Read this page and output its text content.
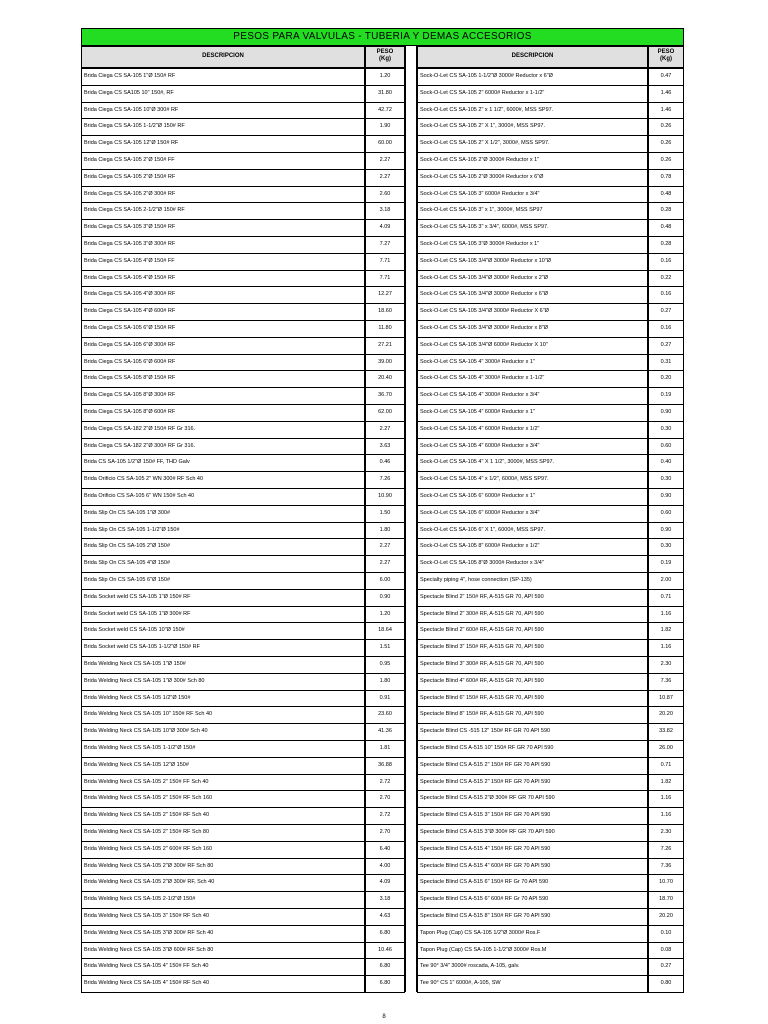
PESOS PARA VALVULAS - TUBERIA Y DEMAS ACCESORIOS
DESCRIPCION
PESO
(Kg)	DESCRIPCION
PESO
(Kg)
Brida Ciega CS SA-105 1"Ø 150# RF	1.20
Brida Ciega CS SA105 10" 150#, RF	31.80
Brida Ciega CS SA-105 10"Ø 300# RF	42.72
Brida Ciega CS SA-105 1-1/2"Ø 150# RF	1.90
Brida Ciega CS SA-105 12"Ø 150# RF	60.00
Brida Ciega CS SA-105 2"Ø 150# FF	2.27
Brida Ciega CS SA-105 2"Ø 150# RF	2.27
Brida Ciega CS SA-105 2"Ø 300# RF	2.60
Brida Ciega CS SA-105 2-1/2"Ø 150# RF	3.18
Brida Ciega CS SA-105 3"Ø 150# RF	4.09
Brida Ciega CS SA-105 3"Ø 300# RF	7.27
Brida Ciega CS SA-105 4"Ø 150# FF	7.71
Brida Ciega CS SA-105 4"Ø 150# RF	7.71
Brida Ciega CS SA-105 4"Ø 300# RF	12.27
Brida Ciega CS SA-105 4"Ø 600# RF	18.60
Brida Ciega CS SA-105 6"Ø 150# RF	11.80
Brida Ciega CS SA-105 6"Ø 300# RF	27.21
Brida Ciega CS SA-105 6"Ø 600# RF	39.00
Brida Ciega CS SA-105 8"Ø 150# RF	20.40
Brida Ciega CS SA-105 8"Ø 300# RF	36.70
Brida Ciega CS SA-105 8"Ø 600# RF	62.00
Brida Ciega CS SA-182 2"Ø 150# RF Gr 316.	2.27
Brida Ciega CS SA-182 2"Ø 300# RF Gr 316.	3.63
Brida CS SA-105 1/2"Ø 150# FF, THD Galv	0.46
Brida Orificio CS SA-105 2" WN 300# RF Sch 40	7.26
Brida Orificio CS SA-105 6" WN 150# Sch 40	10.90
Brida Slip On CS SA-105 1"Ø 300#	1.50
Brida Slip On CS SA-105 1-1/2"Ø 150#	1.80
Brida Slip On CS SA-105 2"Ø 150#	2.27
Brida Slip On CS SA-105 4"Ø 150#	2.27
Brida Slip On CS SA-105 6"Ø 150#	6.00
Brida Socket weld CS SA-105 1"Ø 150# RF	0.90
Brida Socket weld CS SA-105 1"Ø 300# RF	1.20
Brida Socket weld CS SA-105 10"Ø 150#	18.64
Brida Socket weld CS SA-105 1-1/2"Ø 150# RF	1.51
Brida Welding Neck CS SA-105 1"Ø 150#	0.95
Brida Welding Neck CS SA-105 1"Ø 300# Sch 80	1.80
Brida Welding Neck CS SA-105 1/2"Ø 150#	0.91
Brida Welding Neck CS SA-105 10" 150# RF Sch 40	23.60
Brida Welding Neck CS SA-105 10"Ø 300# Sch 40	41.36
Brida Welding Neck CS SA-105 1-1/2"Ø 150#	1.81
Brida Welding Neck CS SA-105 12"Ø 150#	36.88
Brida Welding Neck CS SA-105 2" 150# FF Sch 40	2.72
Brida Welding Neck CS SA-105 2" 150# RF Sch 160	2.70
Brida Welding Neck CS SA-105 2" 150# RF Sch 40	2.72
Brida Welding Neck CS SA-105 2" 150# RF Sch 80	2.70
Brida Welding Neck CS SA-105 2" 600# RF Sch 160	6.40
Brida Welding Neck CS SA-105 2"Ø 300# RF Sch 80	4.00
Brida Welding Neck CS SA-105 2"Ø 300# RF, Sch 40	4.09
Brida Welding Neck CS SA-105 2-1/2"Ø 150#	3.18
Brida Welding Neck CS SA-105 3" 150# RF Sch 40	4.63
Brida Welding Neck CS SA-105 3"Ø 300# RF Sch 40	6.80
Brida Welding Neck CS SA-105 3"Ø 600# RF Sch 80	10.46
Brida Welding Neck CS SA-105 4" 150# FF Sch 40	6.80
Brida Welding Neck CS SA-105 4" 150# RF Sch 40	6.80
Sock-O-Let CS SA-105 1-1/2"Ø 3000# Reductor x 6"Ø	0.47
Sock-O-Let CS SA-105 2" 6000# Reductor x 1-1/2"	1.46
Sock-O-Let CS SA-105 2" x 1 1/2", 6000#, MSS SP97.	1.46
Sock-O-Let CS SA-105 2" X 1", 3000#, MSS SP97.	0.26
Sock-O-Let CS SA-105 2" X 1/2", 3000#, MSS SP97.	0.26
Sock-O-Let CS SA-105 2"Ø 3000# Reductor x 1"	0.26
Sock-O-Let CS SA-105 2"Ø 3000# Reductor x 6"Ø	0.78
Sock-O-Let CS SA-105 3" 6000# Reductor x 3/4"	0.48
Sock-O-Let CS SA-105 3" x 1", 3000#, MSS SP97	0.28
Sock-O-Let CS SA-105 3" x 3/4", 6000#, MSS SP97.	0.48
Sock-O-Let CS SA-105 3"Ø 3000# Reductor x 1"	0.28
Sock-O-Let CS SA-105 3/4"Ø 3000# Reductor x 10"Ø	0.16
Sock-O-Let CS SA-105 3/4"Ø 3000# Reductor x 2"Ø	0.22
Sock-O-Let CS SA-105 3/4"Ø 3000# Reductor x 6"Ø	0.16
Sock-O-Let CS SA-105 3/4"Ø 3000# Reductor X 6"Ø	0.27
Sock-O-Let CS SA-105 3/4"Ø 3000# Reductor x 8"Ø	0.16
Sock-O-Let CS SA-105 3/4"Ø 6000# Reductor X 10"	0.27
Sock-O-Let CS SA-105 4" 3000# Reductor x 1"	0.31
Sock-O-Let CS SA-105 4" 3000# Reductor x 1-1/2"	0.20
Sock-O-Let CS SA-105 4" 3000# Reductor x 3/4"	0.19
Sock-O-Let CS SA-105 4" 6000# Reductor x 1"	0.90
Sock-O-Let CS SA-105 4" 6000# Reductor x 1/2"	0.30
Sock-O-Let CS SA-105 4" 6000# Reductor x 3/4"	0.60
Sock-O-Let CS SA-105 4" X 1 1/2", 3000#, MSS SP97.	0.40
Sock-O-Let CS SA-105 4" x 1/2", 6000#, MSS SP97.	0.30
Sock-O-Let CS SA-105 6" 6000# Reductor x 1"	0.90
Sock-O-Let CS SA-105 6" 6000# Reductor x 3/4"	0.60
Sock-O-Let CS SA-105 6" X 1", 6000#, MSS SP97.	0.90
Sock-O-Let CS SA-105 8" 6000# Reductor x 1/2"	0.30
Sock-O-Let CS SA-105 8"Ø 3000# Reductor x 3/4"	0.19
Specialty piping 4", hose connection (SP-135)	2.00
Spectacle Blind 2" 150# RF, A-515 GR 70, API 590	0.71
Spectacle Blind 2" 300# RF, A-515 GR 70, API 590	1.16
Spectacle Blind 2" 600# RF, A-515 GR 70, API 590	1.82
Spectacle Blind 3" 150# RF, A-515 GR 70, API 590	1.16
Spectacle Blind 3" 300# RF, A-515 GR 70, API 590	2.30
Spectacle Blind 4" 600# RF, A-515 GR 70, API 590	7.36
Spectacle Blind 6" 150# RF, A-515 GR 70, API 590	10.87
Spectacle Blind 8" 150# RF, A-515 GR 70, API 590	20.20
Spectacle Blind CS -515 12" 150# RF GR 70 API 590	33.82
Spectacle Blind CS A-515 10" 150# RF GR 70 API 590	26.00
Spectacle Blind CS A-515 2" 150# RF GR 70 API 590	0.71
Spectacle Blind CS A-515 2" 150# RF GR 70 API 590	1.82
Spectacle Blind CS A-515 2"Ø 300# RF GR 70 API 590	1.16
Spectacle Blind CS A-515 3" 150# RF GR 70 API 590	1.16
Spectacle Blind CS A-515 3"Ø 300# RF GR 70 API 590	2.30
Spectacle Blind CS A-515 4" 150# RF GR 70 API 590	7.26
Spectacle Blind CS A-515 4" 600# RF GR 70 API 590	7.36
Spectacle Blind CS A-515 6" 150# RF Gr 70 API 590	10.70
Spectacle Blind CS A-515 6" 600# RF Gr 70 API 590	18.70
Spectacle Blind CS A-515 8" 150# RF GR 70 API 590	20.20
Tapon Plug (Cap) CS SA-105 1/2"Ø 3000# Ros.F	0.10
Tapon Plug (Cap) CS SA-105 1-1/2"Ø 3000# Ros.M	0.08
Tee 90° 3/4" 3000# roscada, A-105, galv.	0.27
Tee 90° CS 1" 6000#, A-105, SW	0.80
8
